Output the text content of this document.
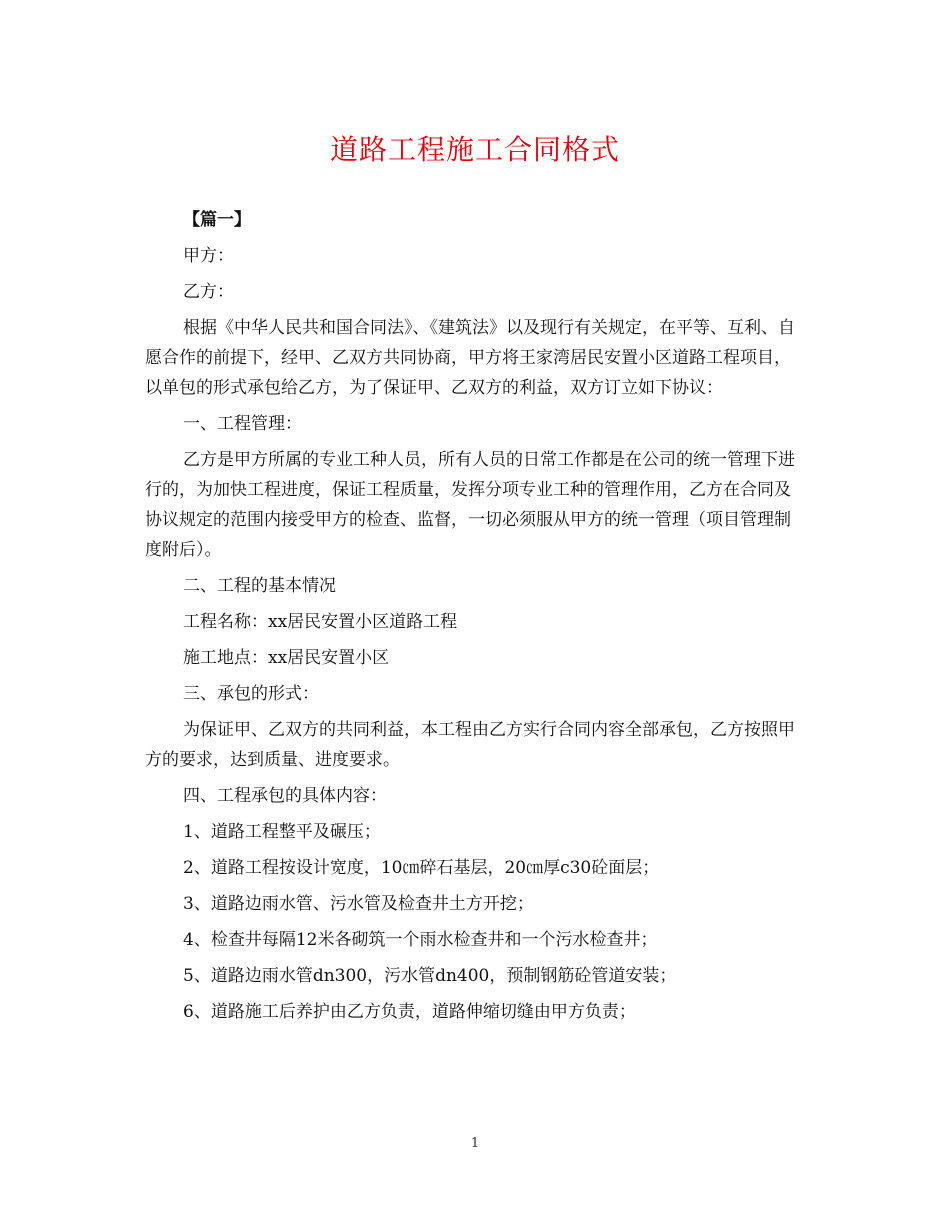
道路工程施工合同格式

【篇一】

甲方：

乙方：

根据《中华人民共和国合同法》、《建筑法》以及现行有关规定，在平等、互利、自愿合作的前提下，经甲、乙双方共同协商，甲方将王家湾居民安置小区道路工程项目，以单包的形式承包给乙方，为了保证甲、乙双方的利益，双方订立如下协议：

一、工程管理：

乙方是甲方所属的专业工种人员，所有人员的日常工作都是在公司的统一管理下进行的，为加快工程进度，保证工程质量，发挥分项专业工种的管理作用，乙方在合同及协议规定的范围内接受甲方的检查、监督，一切必须服从甲方的统一管理（项目管理制度附后）。

二、工程的基本情况

工程名称：xx居民安置小区道路工程

施工地点：xx居民安置小区

三、承包的形式：

为保证甲、乙双方的共同利益，本工程由乙方实行合同内容全部承包，乙方按照甲方的要求，达到质量、进度要求。

四、工程承包的具体内容：

1、道路工程整平及碾压；

2、道路工程按设计宽度，10㎝碎石基层，20㎝厚c30砼面层；

3、道路边雨水管、污水管及检查井土方开挖；

4、检查井每隔12米各砌筑一个雨水检查井和一个污水检查井；

5、道路边雨水管dn300，污水管dn400，预制钢筋砼管道安装；

6、道路施工后养护由乙方负责，道路伸缩切缝由甲方负责；

1
